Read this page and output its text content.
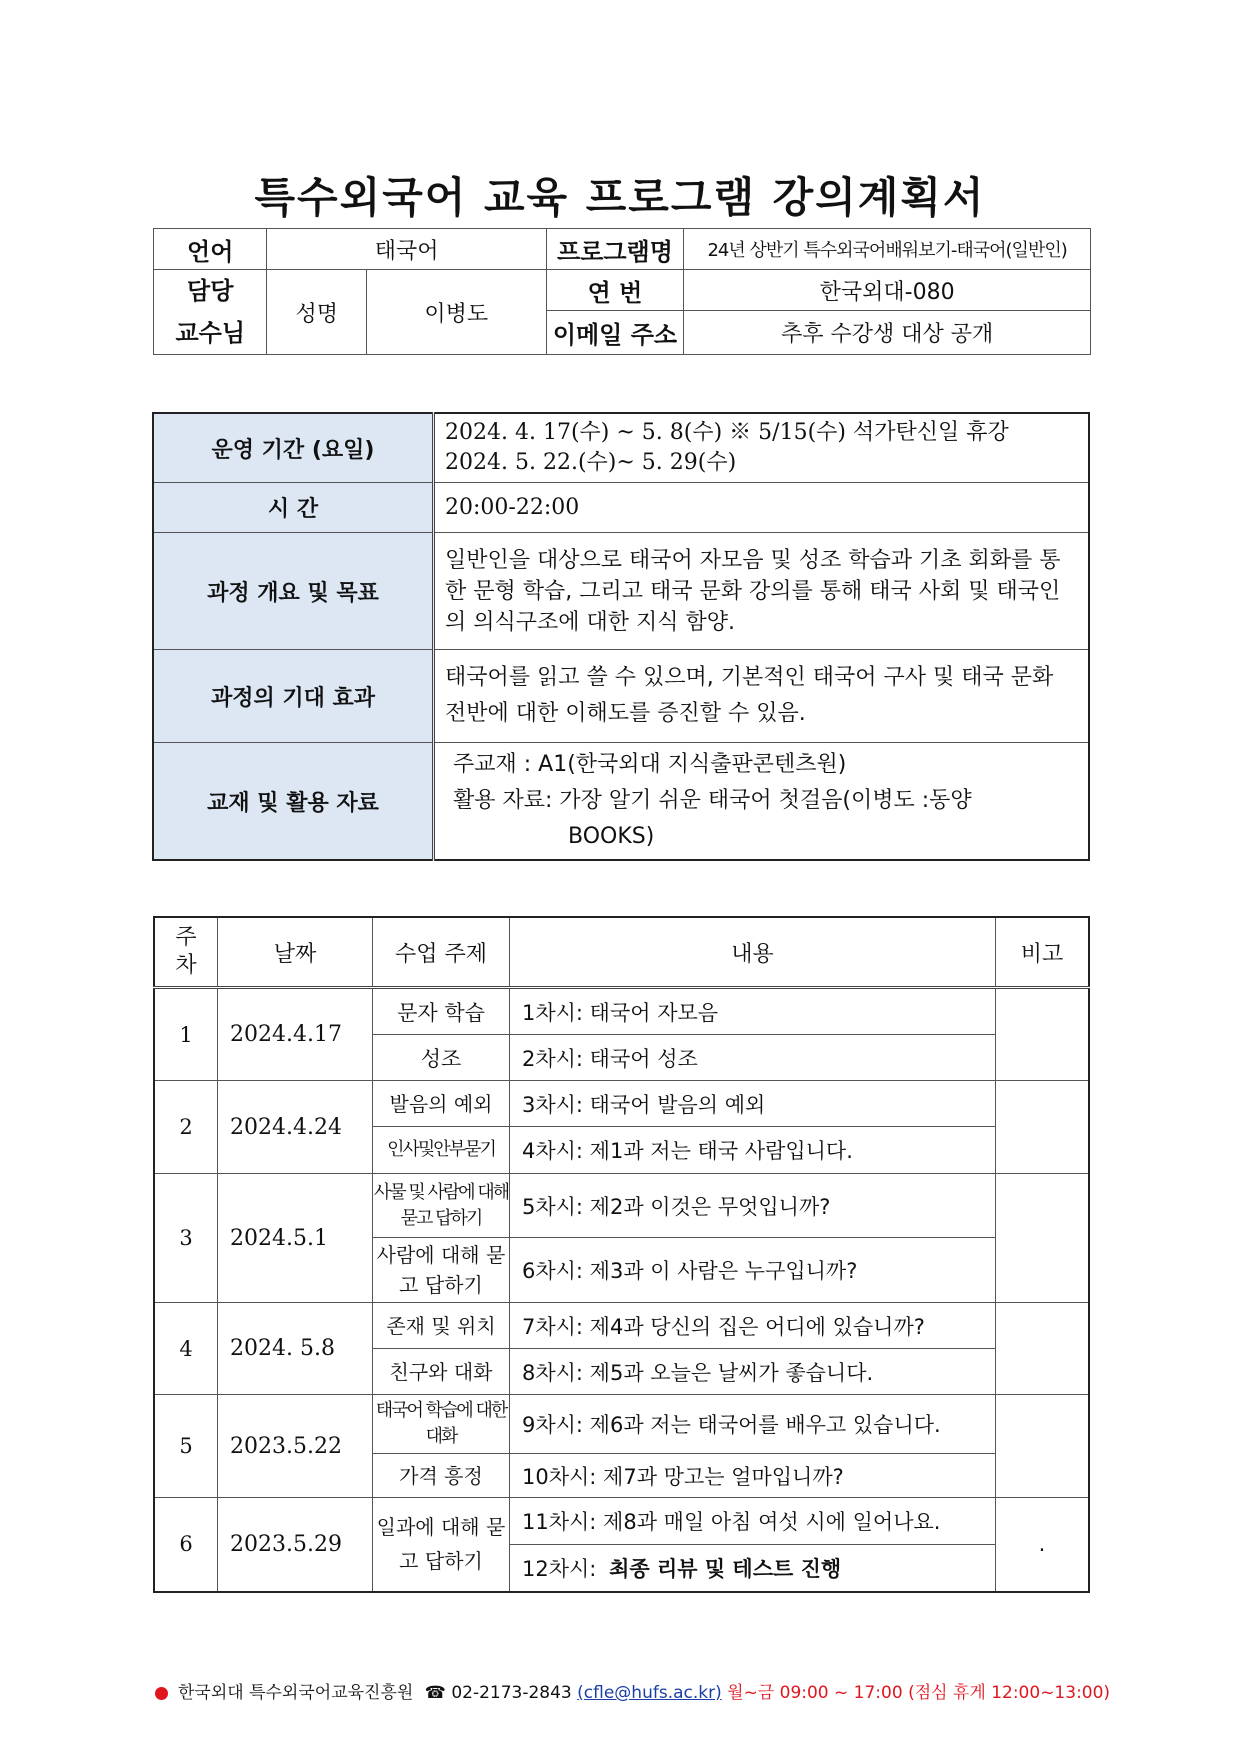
특수외국어 교육 프로그램 강의계획서
언어	태국어		프로그램명	24년 상반기 특수외국어배워보기-태국어(일반인)
담당
교수님	성명	이병도	연 번	한국외대-080
			이메일 주소	추후 수강생 대상 공개
운영 기간 (요일)	2024. 4. 17(수) ~ 5. 8(수) ※ 5/15(수) 석가탄신일 휴강
2024. 5. 22.(수)~ 5. 29(수)

시 간	20:00-22:00
과정 개요 및 목표	일반인을 대상으로 태국어 자모음 및 성조 학습과 기초 회화를 통한 문형 학습, 그리고 태국 문화 강의를 통해 태국 사회 및 태국인의 의식구조에 대한 지식 함양.
과정의 기대 효과	태국어를 읽고 쓸 수 있으며, 기본적인 태국어 구사 및 태국 문화 전반에 대한 이해도를 증진할 수 있음.
교재 및 활용 자료	주교재 : A1(한국외대 지식출판콘텐츠원)
활용 자료: 가장 알기 쉬운 태국어 첫걸음(이병도 :동양
BOOKS)
주
차	날짜	수업 주제	내용	비고
1	2024.4.17	문자 학습	1차시: 태국어 자모음	
		성조	2차시: 태국어 성조	
2	2024.4.24	발음의 예외	3차시: 태국어 발음의 예외	
		인사및안부묻기	4차시: 제1과 저는 태국 사람입니다.	
3	2024.5.1	사물 및 사람에 대해 묻고 답하기	5차시: 제2과 이것은 무엇입니까?	
		사람에 대해 묻고 답하기	6차시: 제3과 이 사람은 누구입니까?	
4	2024. 5.8	존재 및 위치	7차시: 제4과 당신의 집은 어디에 있습니까?	
		친구와 대화	8차시: 제5과 오늘은 날씨가 좋습니다.	
5	2023.5.22	태국어 학습에 대한 대화	9차시: 제6과 저는 태국어를 배우고 있습니다.	
		가격 흥정	10차시: 제7과 망고는 얼마입니까?	
6	2023.5.29	일과에 대해 묻고 답하기	11차시: 제8과 매일 아침 여섯 시에 일어나요.	.
			12차시: 최종 리뷰 및 테스트 진행	
한국외대 특수외국어교육진흥원 ☎ 02-2173-2843 (cfle@hufs.ac.kr) 월~금 09:00 ~ 17:00 (점심 휴게 12:00~13:00)
